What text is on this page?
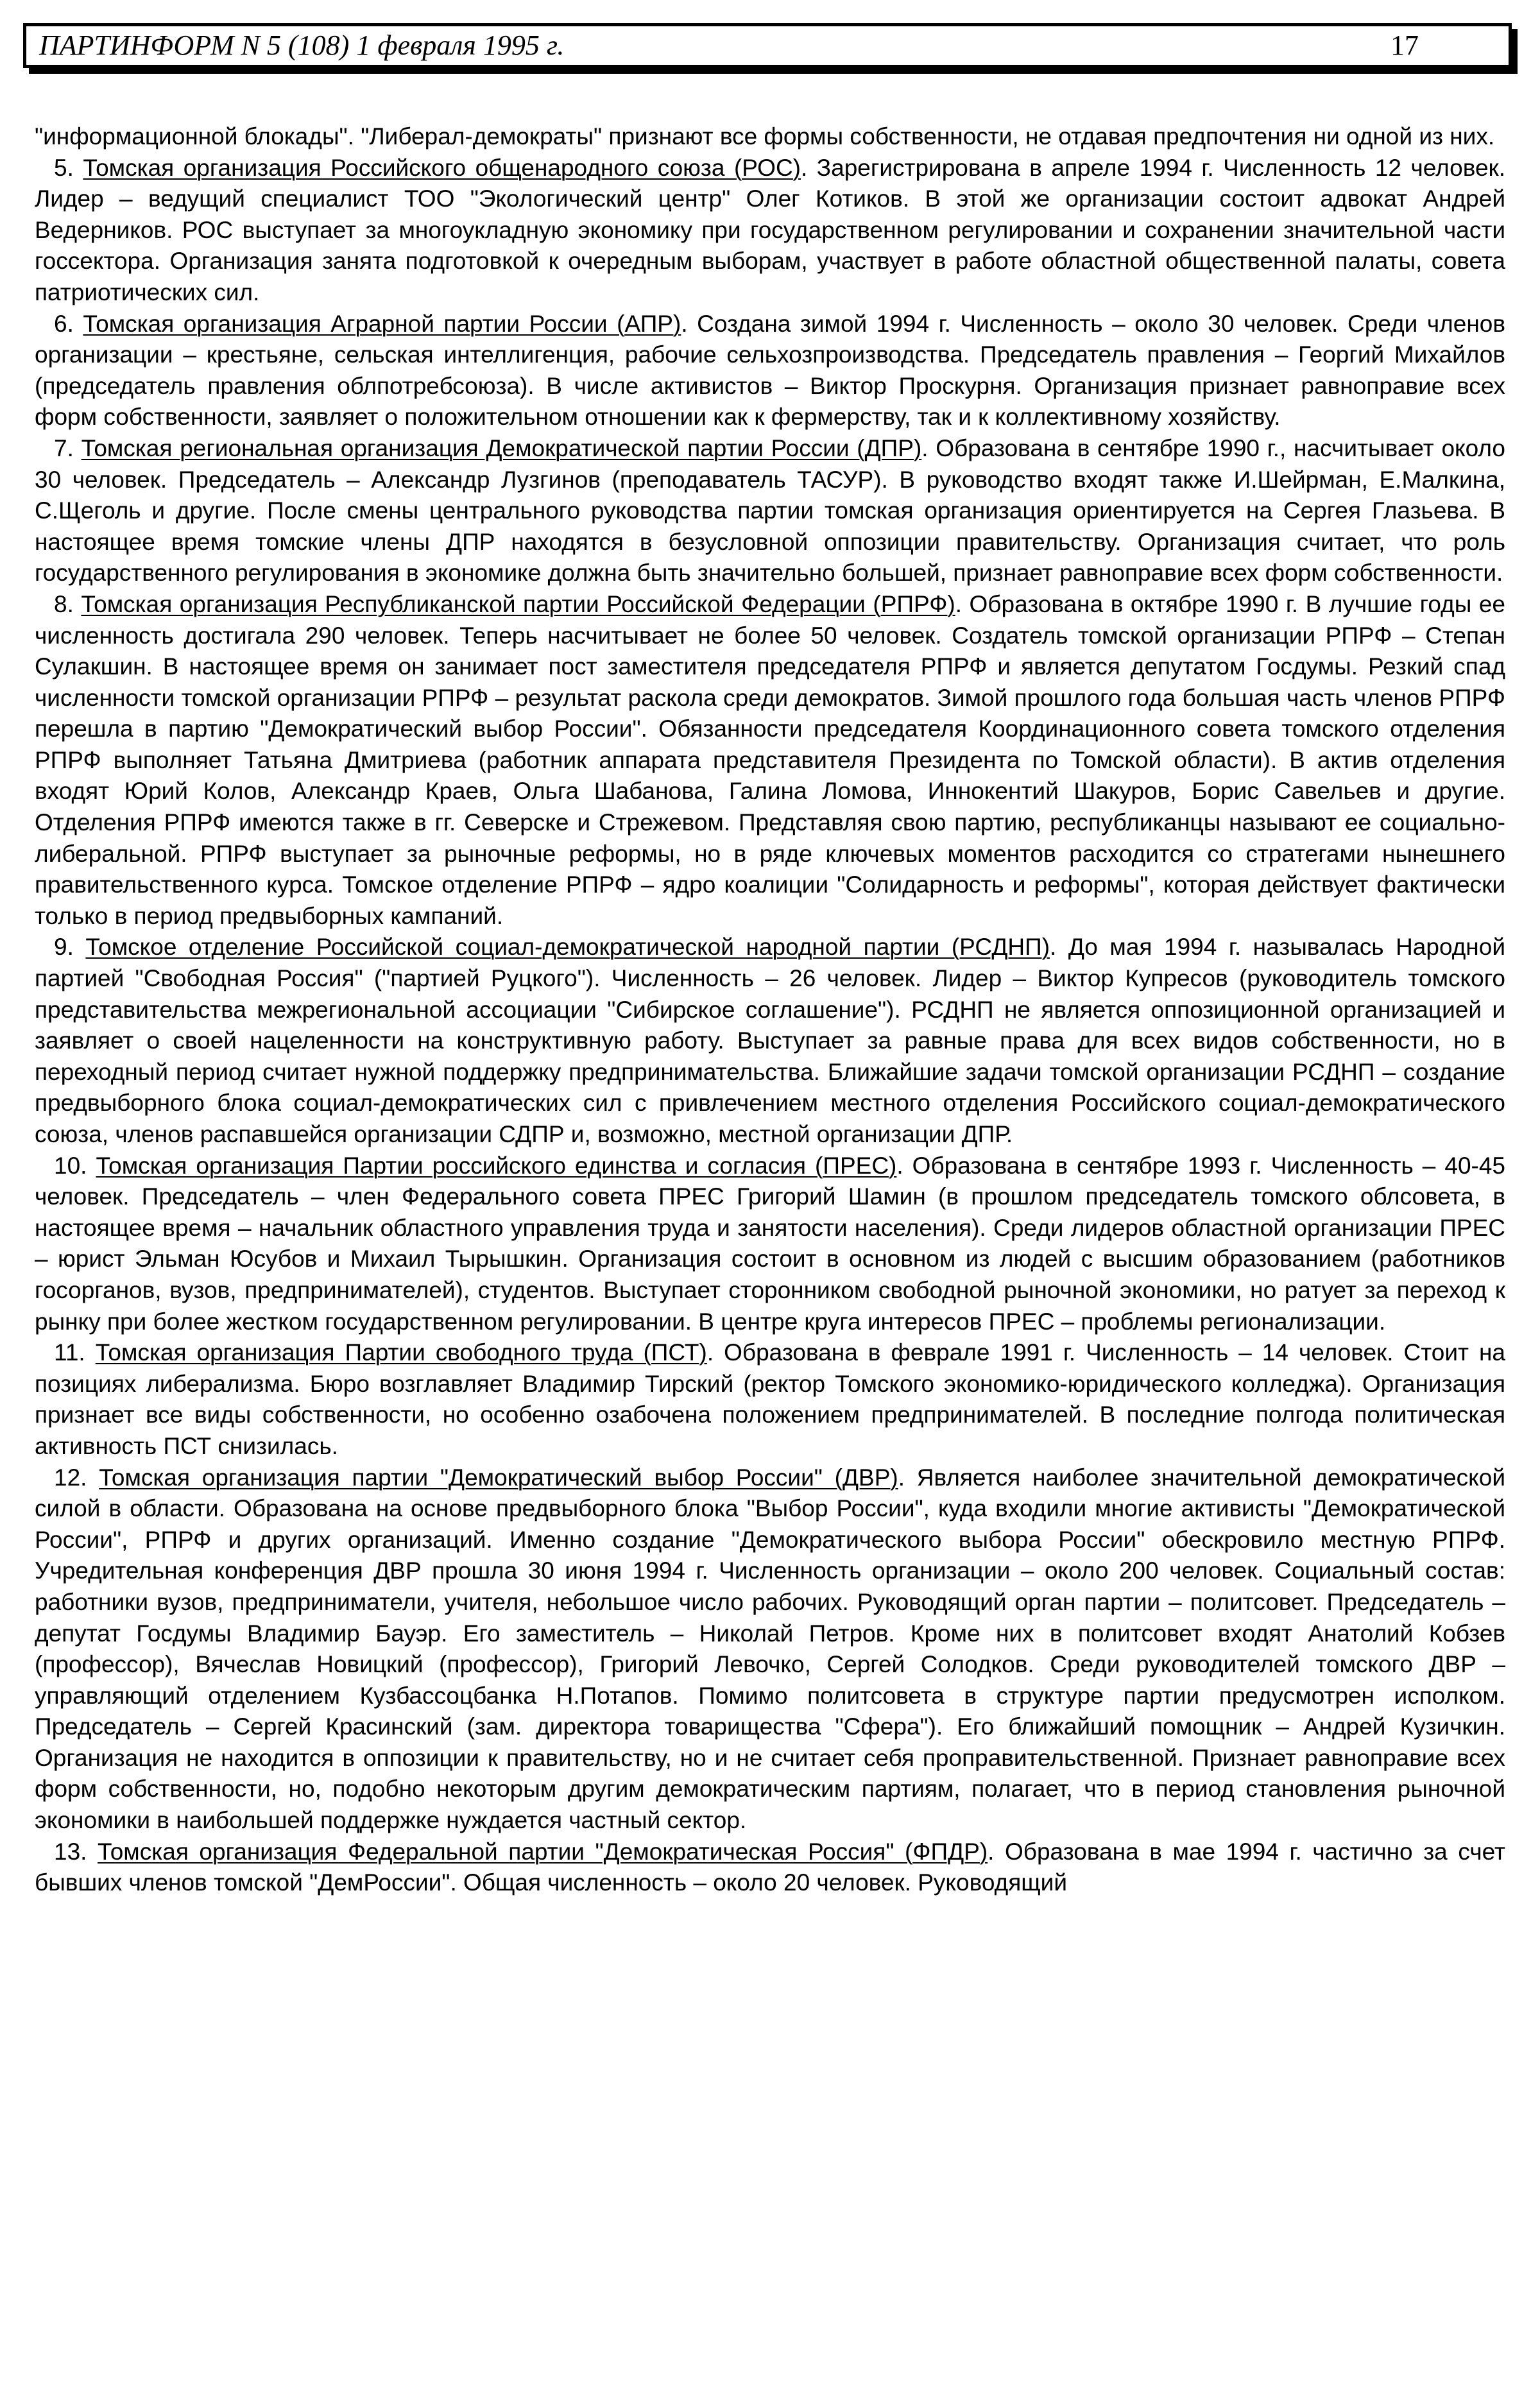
ПАРТИНФОРМ N 5 (108) 1 февраля 1995 г.	17

"информационной блокады". "Либерал-демократы" признают все формы собственности, не отдавая предпочтения ни одной из них.

5. Томская организация Российского общенародного союза (РОС). Зарегистрирована в апреле 1994 г. Численность 12 человек. Лидер – ведущий специалист ТОО "Экологический центр" Олег Котиков. В этой же организации состоит адвокат Андрей Ведерников. РОС выступает за многоукладную экономику при государственном регулировании и сохранении значительной части госсектора. Организация занята подготовкой к очередным выборам, участвует в работе областной общественной палаты, совета патриотических сил.

6. Томская организация Аграрной партии России (АПР). Создана зимой 1994 г. Численность – около 30 человек. Среди членов организации – крестьяне, сельская интеллигенция, рабочие сельхозпроизводства. Председатель правления – Георгий Михайлов (председатель правления облпотребсоюза). В числе активистов – Виктор Проскурня. Организация признает равноправие всех форм собственности, заявляет о положительном отношении как к фермерству, так и к коллективному хозяйству.

7. Томская региональная организация Демократической партии России (ДПР). Образована в сентябре 1990 г., насчитывает около 30 человек. Председатель – Александр Лузгинов (преподаватель ТАСУР). В руководство входят также И.Шейрман, Е.Малкина, С.Щеголь и другие. После смены центрального руководства партии томская организация ориентируется на Сергея Глазьева. В настоящее время томские члены ДПР находятся в безусловной оппозиции правительству. Организация считает, что роль государственного регулирования в экономике должна быть значительно большей, признает равноправие всех форм собственности.

8. Томская организация Республиканской партии Российской Федерации (РПРФ). Образована в октябре 1990 г. В лучшие годы ее численность достигала 290 человек. Теперь насчитывает не более 50 человек. Создатель томской организации РПРФ – Степан Сулакшин. В настоящее время он занимает пост заместителя председателя РПРФ и является депутатом Госдумы. Резкий спад численности томской организации РПРФ – результат раскола среди демократов. Зимой прошлого года большая часть членов РПРФ перешла в партию "Демократический выбор России". Обязанности председателя Координационного совета томского отделения РПРФ выполняет Татьяна Дмитриева (работник аппарата представителя Президента по Томской области). В актив отделения входят Юрий Колов, Александр Краев, Ольга Шабанова, Галина Ломова, Иннокентий Шакуров, Борис Савельев и другие. Отделения РПРФ имеются также в гг. Северске и Стрежевом. Представляя свою партию, республиканцы называют ее социально-либеральной. РПРФ выступает за рыночные реформы, но в ряде ключевых моментов расходится со стратегами нынешнего правительственного курса. Томское отделение РПРФ – ядро коалиции "Солидарность и реформы", которая действует фактически только в период предвыборных кампаний.

9. Томское отделение Российской социал-демократической народной партии (РСДНП). До мая 1994 г. называлась Народной партией "Свободная Россия" ("партией Руцкого"). Численность – 26 человек. Лидер – Виктор Купресов (руководитель томского представительства межрегиональной ассоциации "Сибирское соглашение"). РСДНП не является оппозиционной организацией и заявляет о своей нацеленности на конструктивную работу. Выступает за равные права для всех видов собственности, но в переходный период считает нужной поддержку предпринимательства. Ближайшие задачи томской организации РСДНП – создание предвыборного блока социал-демократических сил с привлечением местного отделения Российского социал-демократического союза, членов распавшейся организации СДПР и, возможно, местной организации ДПР.

10. Томская организация Партии российского единства и согласия (ПРЕС). Образована в сентябре 1993 г. Численность – 40-45 человек. Председатель – член Федерального совета ПРЕС Григорий Шамин (в прошлом председатель томского облсовета, в настоящее время – начальник областного управления труда и занятости населения). Среди лидеров областной организации ПРЕС – юрист Эльман Юсубов и Михаил Тырышкин. Организация состоит в основном из людей с высшим образованием (работников госорганов, вузов, предпринимателей), студентов. Выступает сторонником свободной рыночной экономики, но ратует за переход к рынку при более жестком государственном регулировании. В центре круга интересов ПРЕС – проблемы регионализации.

11. Томская организация Партии свободного труда (ПСТ). Образована в феврале 1991 г. Численность – 14 человек. Стоит на позициях либерализма. Бюро возглавляет Владимир Тирский (ректор Томского экономико-юридического колледжа). Организация признает все виды собственности, но особенно озабочена положением предпринимателей. В последние полгода политическая активность ПСТ снизилась.

12. Томская организация партии "Демократический выбор России" (ДВР). Является наиболее значительной демократической силой в области. Образована на основе предвыборного блока "Выбор России", куда входили многие активисты "Демократической России", РПРФ и других организаций. Именно создание "Демократического выбора России" обескровило местную РПРФ. Учредительная конференция ДВР прошла 30 июня 1994 г. Численность организации – около 200 человек. Социальный состав: работники вузов, предприниматели, учителя, небольшое число рабочих. Руководящий орган партии – политсовет. Председатель – депутат Госдумы Владимир Бауэр. Его заместитель – Николай Петров. Кроме них в политсовет входят Анатолий Кобзев (профессор), Вячеслав Новицкий (профессор), Григорий Левочко, Сергей Солодков. Среди руководителей томского ДВР – управляющий отделением Кузбассоцбанка Н.Потапов. Помимо политсовета в структуре партии предусмотрен исполком. Председатель – Сергей Красинский (зам. директора товарищества "Сфера"). Его ближайший помощник – Андрей Кузичкин. Организация не находится в оппозиции к правительству, но и не считает себя проправительственной. Признает равноправие всех форм собственности, но, подобно некоторым другим демократическим партиям, полагает, что в период становления рыночной экономики в наибольшей поддержке нуждается частный сектор.

13. Томская организация Федеральной партии "Демократическая Россия" (ФПДР). Образована в мае 1994 г. частично за счет бывших членов томской "ДемРоссии". Общая численность – около 20 человек. Руководящий
